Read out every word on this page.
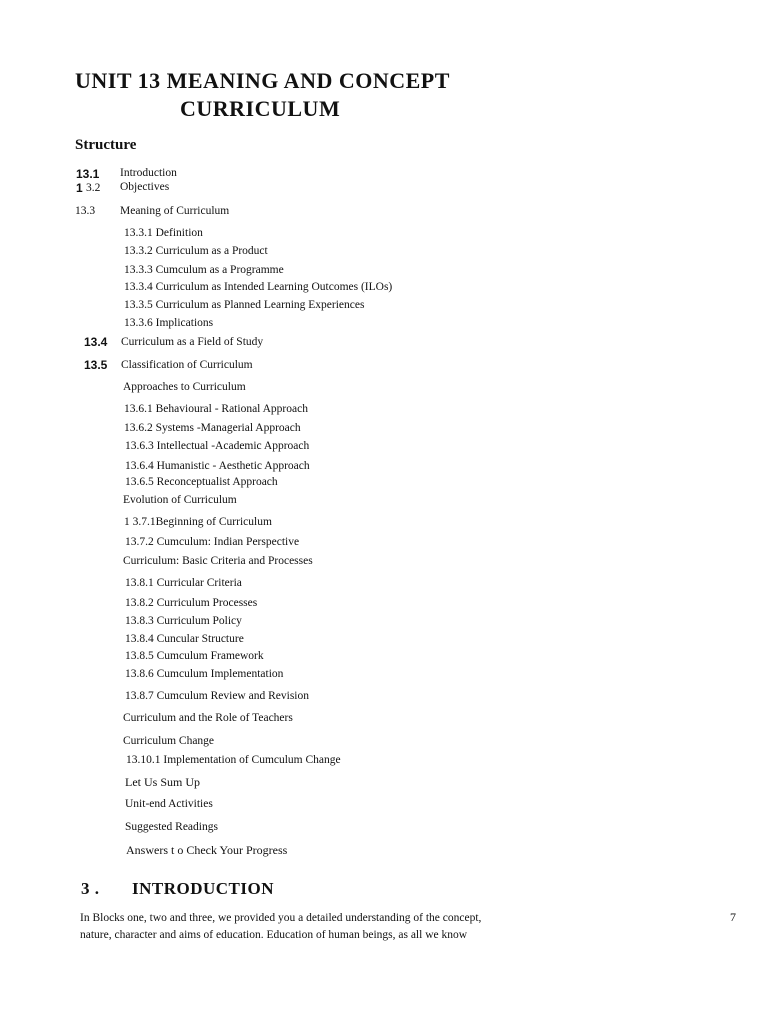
UNIT 13 MEANING AND CONCEPT
CURRICULUM
Structure
13.1 Introduction
1 3.2 Objectives
13.3 Meaning of Curriculum
13.3.1 Definition
13.3.2 Curriculum as a Product
13.3.3 Cumculum as a Programme
13.3.4 Curriculum as Intended Learning Outcomes (ILOs)
13.3.5 Curriculum as Planned Learning Experiences
13.3.6 Implications
13.4 Curriculum as a Field of Study
13.5 Classification of Curriculum
Approaches to Curriculum
13.6.1 Behavioural - Rational Approach
13.6.2 Systems -Managerial Approach
13.6.3 Intellectual -Academic Approach
13.6.4 Humanistic - Aesthetic Approach
13.6.5 Reconceptualist Approach
Evolution of Curriculum
1 3.7.1Beginning of Curriculum
13.7.2 Cumculum: Indian Perspective
Curriculum: Basic Criteria and Processes
13.8.1 Curricular Criteria
13.8.2 Curriculum Processes
13.8.3 Curriculum Policy
13.8.4 Cuncular Structure
13.8.5 Cumculum Framework
13.8.6 Cumculum Implementation
13.8.7 Cumculum Review and Revision
Curriculum and the Role of Teachers
Curriculum Change
13.10.1 Implementation of Cumculum Change
Let Us Sum Up
Unit-end Activities
Suggested Readings
Answers t o Check Your Progress
3 . INTRODUCTION
In Blocks one, two and three, we provided you a detailed understanding of the concept,
nature, character and aims of education. Education of human beings, as all we know
7
